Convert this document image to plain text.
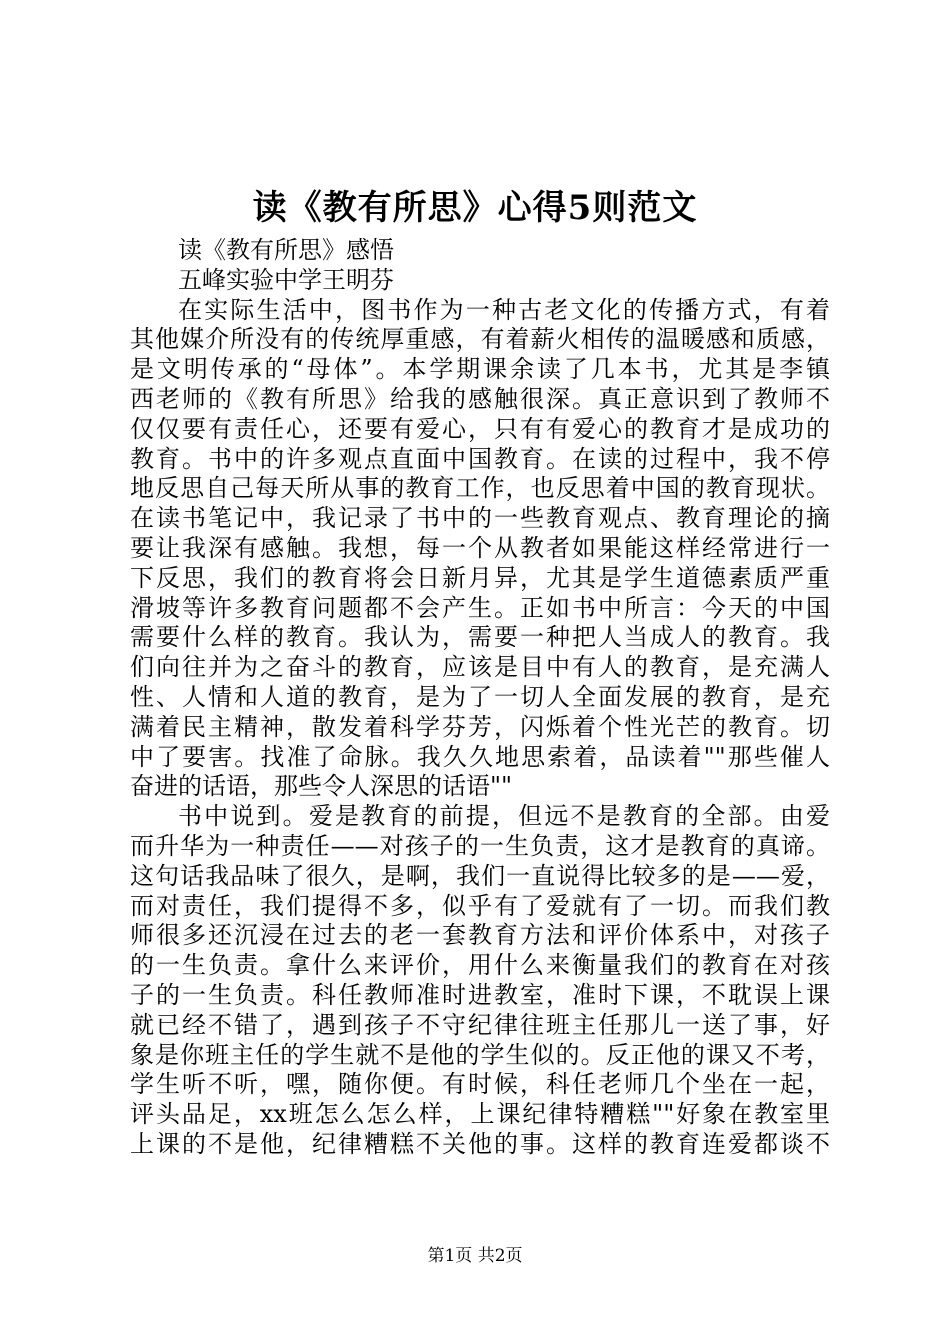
读《教有所思》心得5则范文
读《教有所思》感悟
五峰实验中学王明芬
在实际生活中，图书作为一种古老文化的传播方式，有着
其他媒介所没有的传统厚重感，有着薪火相传的温暖感和质感，
是文明传承的“母体”。本学期课余读了几本书，尤其是李镇
西老师的《教有所思》给我的感触很深。真正意识到了教师不
仅仅要有责任心，还要有爱心，只有有爱心的教育才是成功的
教育。书中的许多观点直面中国教育。在读的过程中，我不停
地反思自己每天所从事的教育工作，也反思着中国的教育现状。
在读书笔记中，我记录了书中的一些教育观点、教育理论的摘
要让我深有感触。我想，每一个从教者如果能这样经常进行一
下反思，我们的教育将会日新月异，尤其是学生道德素质严重
滑坡等许多教育问题都不会产生。正如书中所言：今天的中国
需要什么样的教育。我认为，需要一种把人当成人的教育。我
们向往并为之奋斗的教育，应该是目中有人的教育，是充满人
性、人情和人道的教育，是为了一切人全面发展的教育，是充
满着民主精神，散发着科学芬芳，闪烁着个性光芒的教育。切
中了要害。找准了命脉。我久久地思索着，品读着""那些催人
奋进的话语，那些令人深思的话语""
书中说到。爱是教育的前提，但远不是教育的全部。由爱
而升华为一种责任——对孩子的一生负责，这才是教育的真谛。
这句话我品味了很久，是啊，我们一直说得比较多的是——爱，
而对责任，我们提得不多，似乎有了爱就有了一切。而我们教
师很多还沉浸在过去的老一套教育方法和评价体系中，对孩子
的一生负责。拿什么来评价，用什么来衡量我们的教育在对孩
子的一生负责。科任教师准时进教室，准时下课，不耽误上课
就已经不错了，遇到孩子不守纪律往班主任那儿一送了事，好
象是你班主任的学生就不是他的学生似的。反正他的课又不考，
学生听不听，嘿，随你便。有时候，科任老师几个坐在一起，
评头品足，xx班怎么怎么样，上课纪律特糟糕""好象在教室里
上课的不是他，纪律糟糕不关他的事。这样的教育连爱都谈不
第1页 共2页
